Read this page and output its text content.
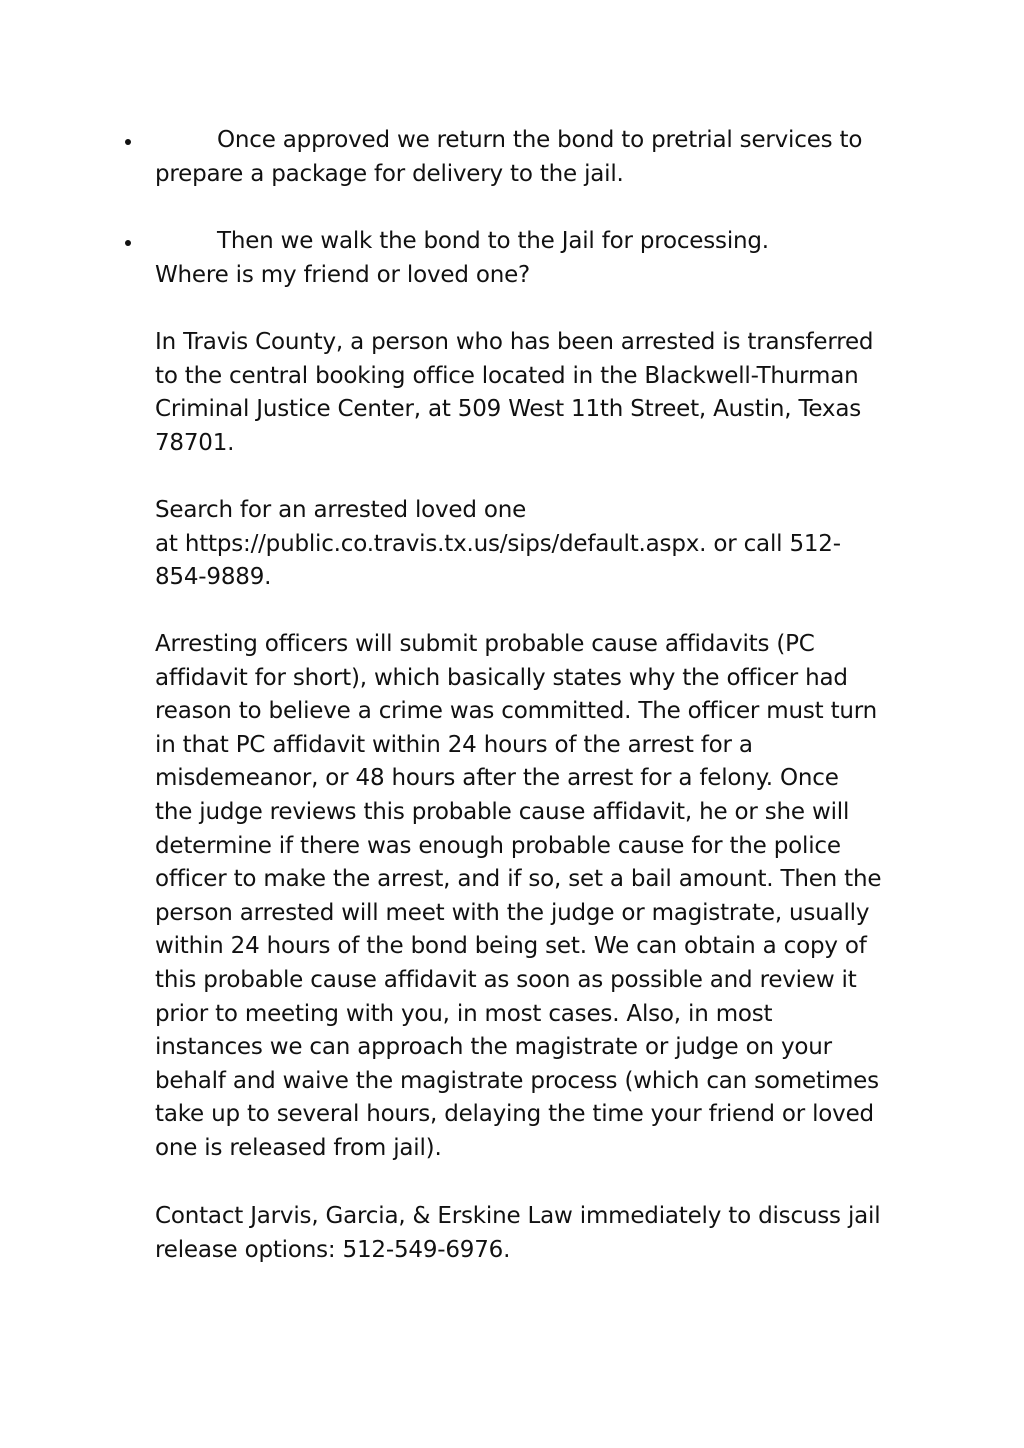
Once approved we return the bond to pretrial services to
prepare a package for delivery to the jail.
Then we walk the bond to the Jail for processing.
Where is my friend or loved one?

In Travis County, a person who has been arrested is transferred
to the central booking office located in the Blackwell-Thurman
Criminal Justice Center, at 509 West 11th Street, Austin, Texas
78701.

Search for an arrested loved one
at https://public.co.travis.tx.us/sips/default.aspx. or call 512-
854-9889.

Arresting officers will submit probable cause affidavits (PC
affidavit for short), which basically states why the officer had
reason to believe a crime was committed. The officer must turn
in that PC affidavit within 24 hours of the arrest for a
misdemeanor, or 48 hours after the arrest for a felony. Once
the judge reviews this probable cause affidavit, he or she will
determine if there was enough probable cause for the police
officer to make the arrest, and if so, set a bail amount. Then the
person arrested will meet with the judge or magistrate, usually
within 24 hours of the bond being set. We can obtain a copy of
this probable cause affidavit as soon as possible and review it
prior to meeting with you, in most cases. Also, in most
instances we can approach the magistrate or judge on your
behalf and waive the magistrate process (which can sometimes
take up to several hours, delaying the time your friend or loved
one is released from jail).

Contact Jarvis, Garcia, & Erskine Law immediately to discuss jail
release options: 512-549-6976.
